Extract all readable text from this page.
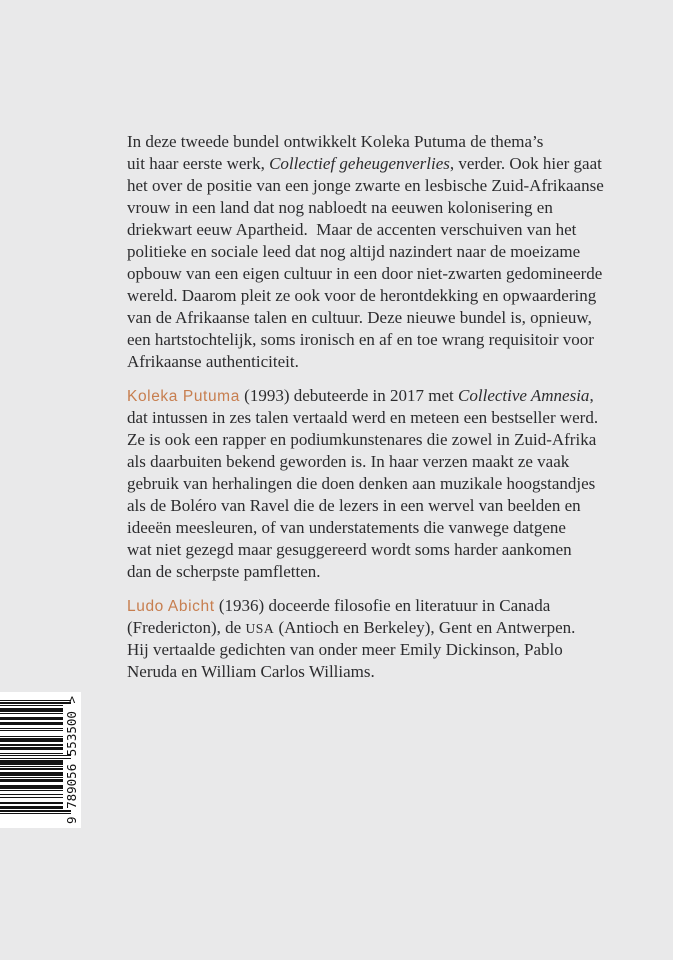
In deze tweede bundel ontwikkelt Koleka Putuma de thema’s
uit haar eerste werk, Collectief geheugenverlies, verder. Ook hier gaat
het over de positie van een jonge zwarte en lesbische Zuid-Afrikaanse
vrouw in een land dat nog nabloedt na eeuwen kolonisering en
driekwart eeuw Apartheid.  Maar de accenten verschuiven van het
politieke en sociale leed dat nog altijd nazindert naar de moeizame
opbouw van een eigen cultuur in een door niet-zwarten gedomineerde
wereld. Daarom pleit ze ook voor de herontdekking en opwaardering
van de Afrikaanse talen en cultuur. Deze nieuwe bundel is, opnieuw,
een hartstochtelijk, soms ironisch en af en toe wrang requisitoir voor
Afrikaanse authenticiteit.
Koleka Putuma (1993) debuteerde in 2017 met Collective Amnesia,
dat intussen in zes talen vertaald werd en meteen een bestseller werd.
Ze is ook een rapper en podiumkunstenares die zowel in Zuid-Afrika
als daarbuiten bekend geworden is. In haar verzen maakt ze vaak
gebruik van herhalingen die doen denken aan muzikale hoogstandjes
als de Boléro van Ravel die de lezers in een wervel van beelden en
ideeën meesleuren, of van understatements die vanwege datgene
wat niet gezegd maar gesuggereerd wordt soms harder aankomen
dan de scherpste pamfletten.
Ludo Abicht (1936) doceerde filosofie en literatuur in Canada
(Fredericton), de USA (Antioch en Berkeley), Gent en Antwerpen.
Hij vertaalde gedichten van onder meer Emily Dickinson, Pablo
Neruda en William Carlos Williams.
9 789056 553500 >
